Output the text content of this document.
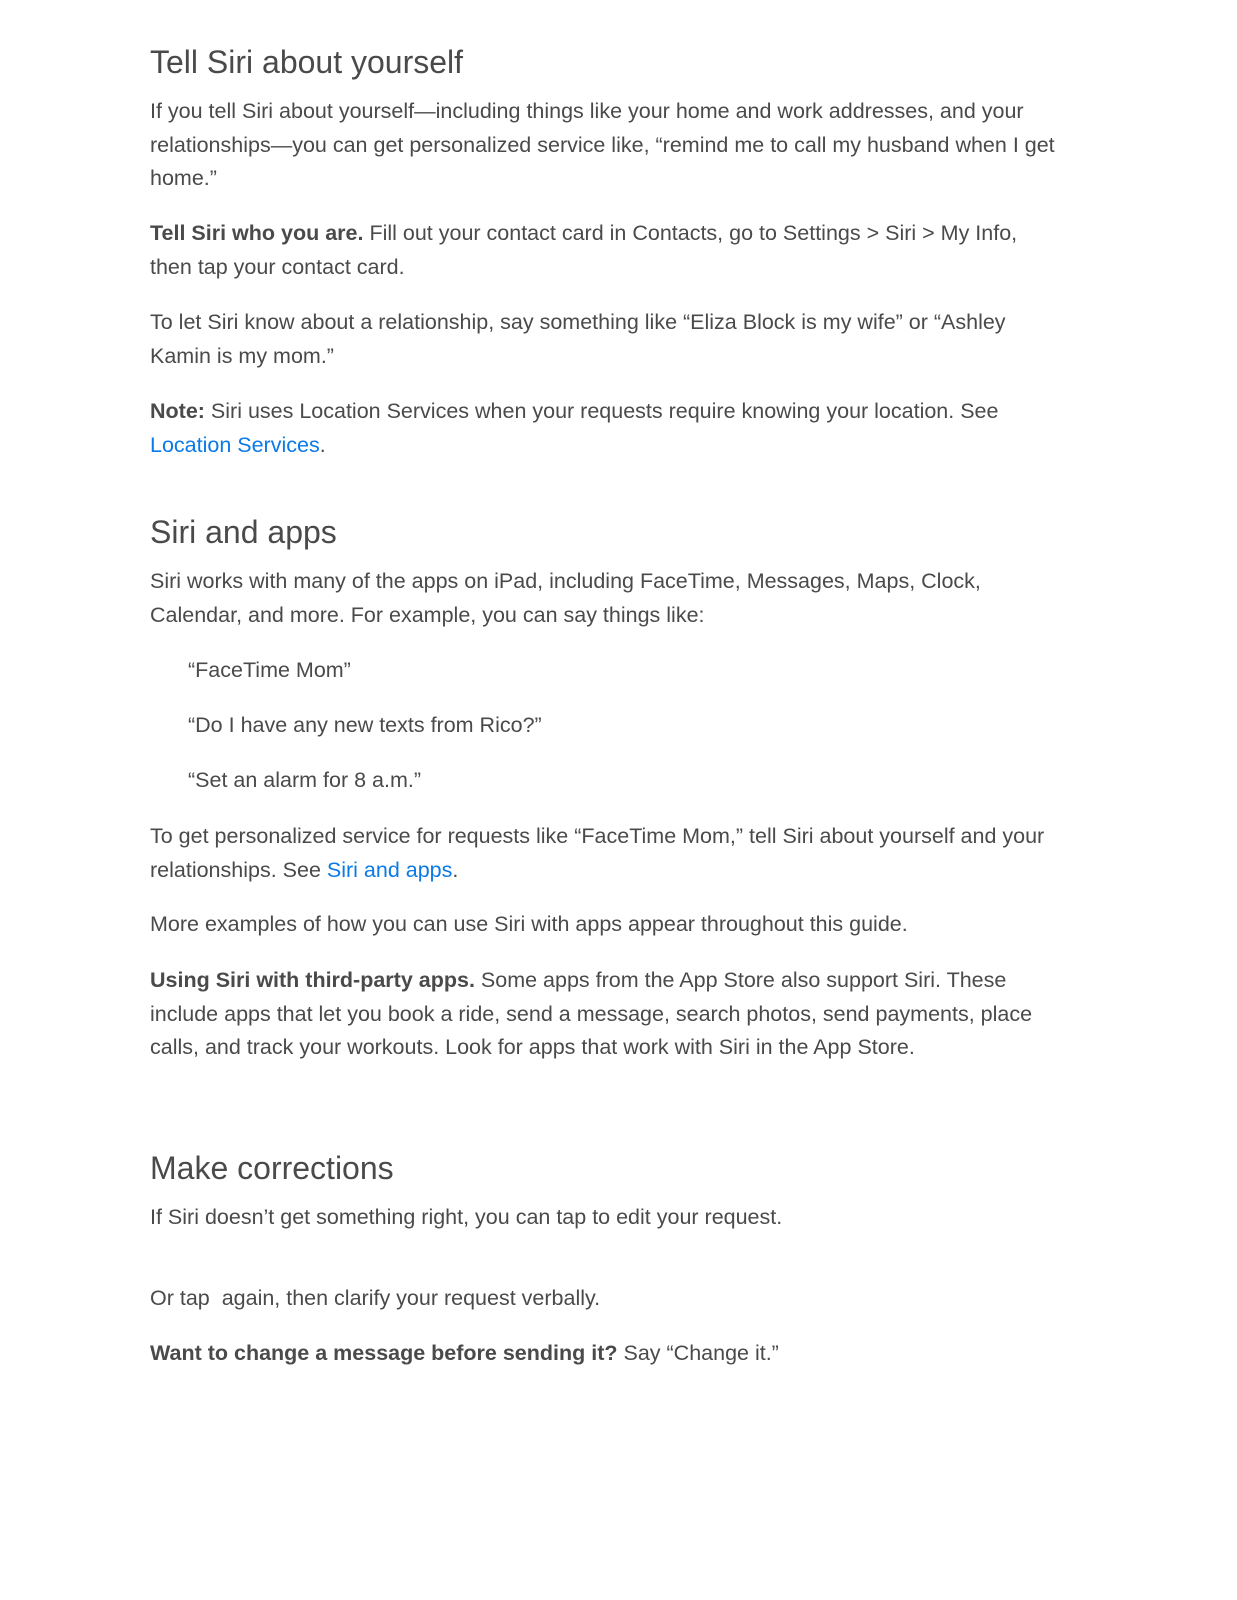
Tell Siri about yourself

If you tell Siri about yourself—including things like your home and work addresses, and your relationships—you can get personalized service like, “remind me to call my husband when I get home.”

Tell Siri who you are. Fill out your contact card in Contacts, go to Settings > Siri > My Info, then tap your contact card.

To let Siri know about a relationship, say something like “Eliza Block is my wife” or “Ashley Kamin is my mom.”

Note: Siri uses Location Services when your requests require knowing your location. See Location Services.

Siri and apps

Siri works with many of the apps on iPad, including FaceTime, Messages, Maps, Clock, Calendar, and more. For example, you can say things like:

“FaceTime Mom”

“Do I have any new texts from Rico?”

“Set an alarm for 8 a.m.”

To get personalized service for requests like “FaceTime Mom,” tell Siri about yourself and your relationships. See Siri and apps.

More examples of how you can use Siri with apps appear throughout this guide.

Using Siri with third-party apps. Some apps from the App Store also support Siri. These include apps that let you book a ride, send a message, search photos, send payments, place calls, and track your workouts. Look for apps that work with Siri in the App Store.

Make corrections

If Siri doesn’t get something right, you can tap to edit your request.

Or tap  again, then clarify your request verbally.

Want to change a message before sending it? Say “Change it.”
